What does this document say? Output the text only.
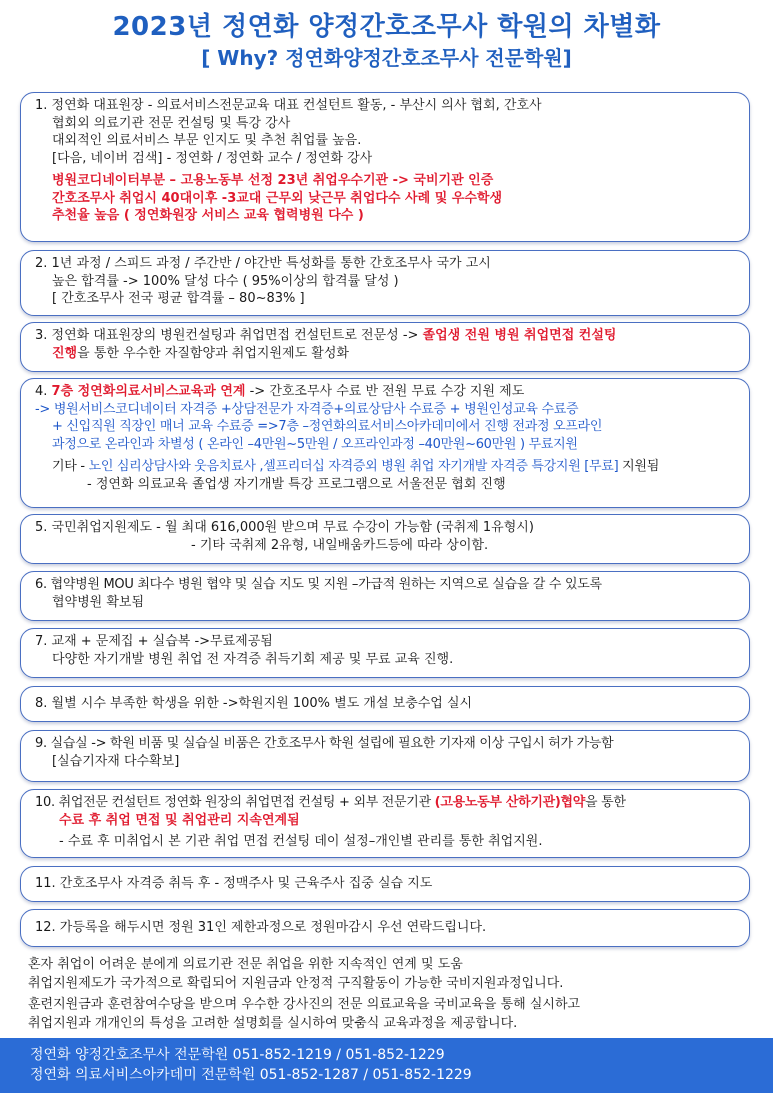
2023년 정연화 양정간호조무사 학원의 차별화
[ Why? 정연화양정간호조무사 전문학원]
1. 정연화 대표원장 - 의료서비스전문교육 대표 컨설턴트 활동, - 부산시 의사 협회, 간호사
협회외 의료기관 전문 컨설팅 및 특강 강사
대외적인 의료서비스 부문 인지도 및 추천 취업률 높음.
[다음, 네이버 검색] - 정연화 / 정연화 교수 / 정연화 강사
병원코디네이터부분 – 고용노동부 선정 23년 취업우수기관 -> 국비기관 인증
간호조무사 취업시 40대이후 -3교대 근무외 낮근무 취업다수 사례 및 우수학생
추천율 높음 ( 정연화원장 서비스 교육 협력병원 다수 )
2. 1년 과정 / 스피드 과정 / 주간반 / 야간반 특성화를 통한 간호조무사 국가 고시
높은 합격률 -> 100% 달성 다수 ( 95%이상의 합격률 달성 )
[ 간호조무사 전국 평균 합격률 – 80~83% ]
3. 정연화 대표원장의 병원컨설팅과 취업면접 컨설턴트로 전문성 -> 졸업생 전원 병원 취업면접 컨설팅
진행을 통한 우수한 자질함양과 취업지원제도 활성화
4. 7층 정연화의료서비스교육과 연계 -> 간호조무사 수료 반 전원 무료 수강 지원 제도
-> 병원서비스코디네이터 자격증 +상담전문가 자격증+의료상담사 수료증 + 병원인성교육 수료증
+ 신입직원 직장인 매너 교육 수료증 =>7층 –정연화의료서비스아카데미에서 진행 전과정 오프라인
과정으로 온라인과 차별성 ( 온라인 –4만원~5만원 / 오프라인과정 –40만원~60만원 ) 무료지원
기타 - 노인 심리상담사와 웃음치료사 ,셀프리더십 자격증외 병원 취업 자기개발 자격증 특강지원 [무료] 지원됨
- 정연화 의료교육 졸업생 자기개발 특강 프로그램으로 서울전문 협회 진행
5. 국민취업지원제도 - 월 최대 616,000원 받으며 무료 수강이 가능함 (국취제 1유형시)
- 기타 국취제 2유형, 내일배움카드등에 따라 상이함.
6. 협약병원 MOU 최다수 병원 협약 및 실습 지도 및 지원 –가급적 원하는 지역으로 실습을 갈 수 있도록
협약병원 확보됨
7. 교재 + 문제집 + 실습복 ->무료제공됨
다양한 자기개발 병원 취업 전 자격증 취득기회 제공 및 무료 교육 진행.
8. 월별 시수 부족한 학생을 위한 ->학원지원 100% 별도 개설 보충수업 실시
9. 실습실 -> 학원 비품 및 실습실 비품은 간호조무사 학원 설립에 필요한 기자재 이상 구입시 허가 가능함
[실습기자재 다수확보]
10. 취업전문 컨설턴트 정연화 원장의 취업면접 컨설팅 + 외부 전문기관 (고용노동부 산하기관)협약을 통한
수료 후 취업 면접 및 취업관리 지속연계됨
- 수료 후 미취업시 본 기관 취업 면접 컨설팅 데이 설정–개인별 관리를 통한 취업지원.
11. 간호조무사 자격증 취득 후 - 정맥주사 및 근육주사 집중 실습 지도
12. 가등록을 해두시면 정원 31인 제한과정으로 정원마감시 우선 연락드립니다.
혼자 취업이 어려운 분에게 의료기관 전문 취업을 위한 지속적인 연계 및 도움
취업지원제도가 국가적으로 확립되어 지원금과 안정적 구직활동이 가능한 국비지원과정입니다.
훈련지원금과 훈련참여수당을 받으며 우수한 강사진의 전문 의료교육을 국비교육을 통해 실시하고
취업지원과 개개인의 특성을 고려한 설명회를 실시하여 맞춤식 교육과정을 제공합니다.
정연화 양정간호조무사 전문학원 051-852-1219 / 051-852-1229
정연화 의료서비스아카데미 전문학원 051-852-1287 / 051-852-1229
